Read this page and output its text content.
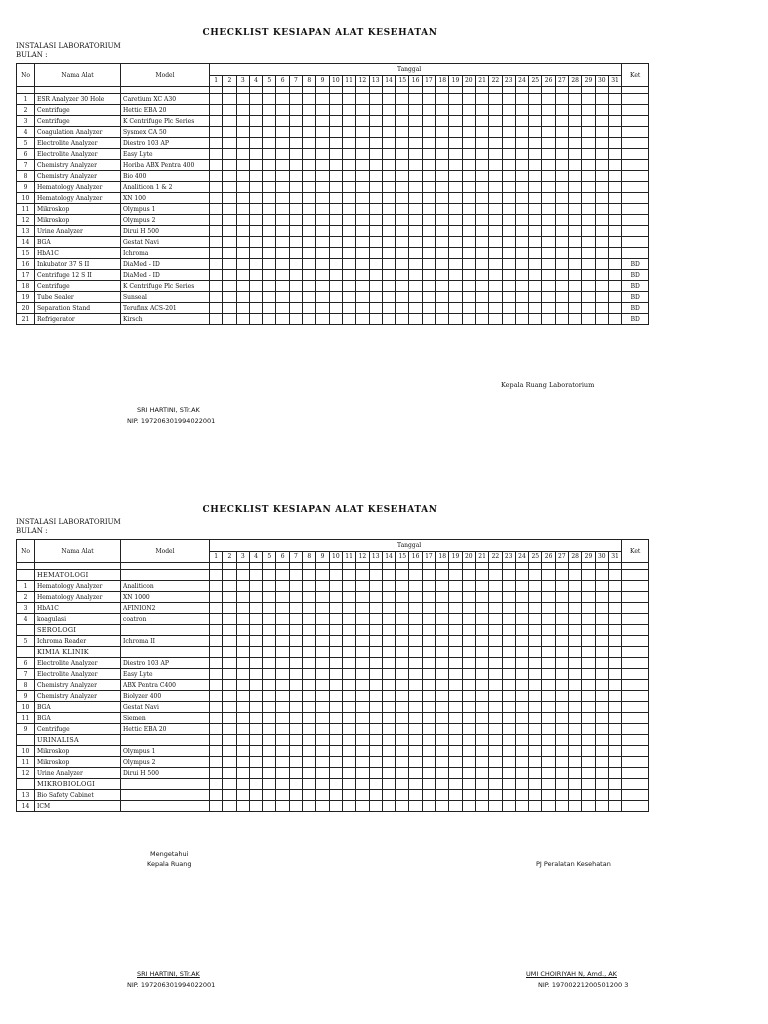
CHECKLIST KESIAPAN ALAT KESEHATAN
INSTALASI LABORATORIUM
BULAN :
No	Nama Alat	Model	Tanggal																															Ket
			1	2	3	4	5	6	7	8	9	10	11	12	13	14	15	16	17	18	19	20	21	22	23	24	25	26	27	28	29	30	31	

1	ESR Analyzer 30 Hole	Caretium XC A30																																
2	Centrifuge	Hettic EBA 20																																
3	Centrifuge	K Centrifuge Plc Series																																
4	Coagulation Analyzer	Sysmex CA 50																																
5	Electrolite Analyzer	Diestro 103 AP																																
6	Electrolite Analyzer	Easy Lyte																																
7	Chemistry Analyzer	Horiba ABX Pentra 400																																
8	Chemistry Analyzer	Bio 400																																
9	Hematology Analyzer	Analiticon 1 & 2																																
10	Hematology Analyzer	XN 100																																
11	Mikroskop	Olympus 1																																
12	Mikroskop	Olympus 2																																
13	Urine Analyzer	Dirui H 500																																
14	BGA	Gestat Navi																																
15	HbA1C	Ichroma																																
16	Inkubator 37 S II	DiaMed - ID																																BD
17	Centrifuge 12 S II	DiaMed - ID																																BD
18	Centrifuge	K Centrifuge Plc Series																																BD
19	Tube Sealer	Sunseal																																BD
20	Separation Stand	Terufinx ACS-201																																BD
21	Refrigerator	Kirsch																																BD
Kepala Ruang Laboratorium
SRI HARTINI, STr.AK
NIP. 197206301994022001
CHECKLIST KESIAPAN ALAT KESEHATAN
INSTALASI LABORATORIUM
BULAN :
No	Nama Alat	Model	Tanggal																															Ket
			1	2	3	4	5	6	7	8	9	10	11	12	13	14	15	16	17	18	19	20	21	22	23	24	25	26	27	28	29	30	31	

	HEMATOLOGI																																	
1	Hematology Analyzer	Analiticon																																
2	Hematology Analyzer	XN 1000																																
3	HbA1C	AFINION2																																
4	koagulasi	coatron																																
	SEROLOGI																																	
5	Ichroma Reader	Ichroma II																																
	KIMIA KLINIK																																	
6	Electrolite Analyzer	Diestro 103 AP																																
7	Electrolite Analyzer	Easy Lyte																																
8	Chemistry Analyzer	ABX Pentra C400																																
9	Chemistry Analyzer	Biolyzer 400																																
10	BGA	Gestat Navi																																
11	BGA	Siemen																																
9	Centrifuge	Hettic EBA 20																																
	URINALISA																																	
10	Mikroskop	Olympus 1																																
11	Mikroskop	Olympus 2																																
12	Urine Analyzer	Dirui H 500																																
	MIKROBIOLOGI																																	
13	Bio Safety Cabinet																																	
14	ICM																																	
Mengetahui
Kepala Ruang	PJ Peralatan Kesehatan
SRI HARTINI, STr.AK
NIP. 197206301994022001
UMI CHOIRIYAH N, Amd., AK
NIP. 19700221200501200 3
